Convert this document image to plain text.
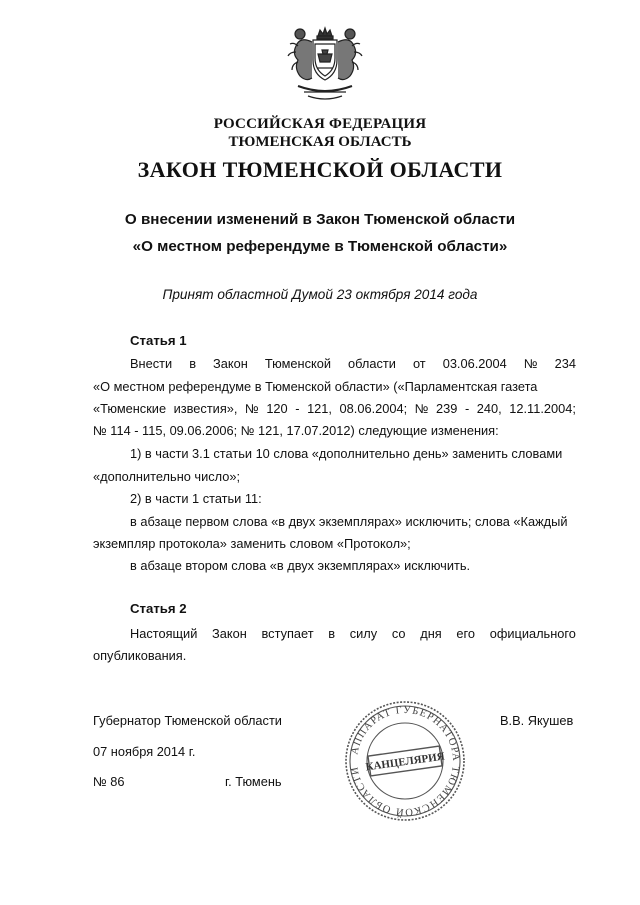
РОССИЙСКАЯ ФЕДЕРАЦИЯ
ТЮМЕНСКАЯ ОБЛАСТЬ
ЗАКОН ТЮМЕНСКОЙ ОБЛАСТИ
О внесении изменений в Закон Тюменской области
«О местном референдуме в Тюменской области»
Принят областной Думой 23 октября 2014 года
Статья 1
Внести в Закон Тюменской области от 03.06.2004 № 234
«О местном референдуме в Тюменской области» («Парламентская газета
«Тюменские известия», № 120 - 121, 08.06.2004; № 239 - 240, 12.11.2004;
№ 114 - 115, 09.06.2006; № 121, 17.07.2012) следующие изменения:
1) в части 3.1 статьи 10 слова «дополнительно день» заменить словами
«дополнительно число»;
2) в части 1 статьи 11:
в абзаце первом слова «в двух экземплярах» исключить; слова «Каждый
экземпляр протокола» заменить словом «Протокол»;
в абзаце втором слова «в двух экземплярах» исключить.
Статья 2
Настоящий Закон вступает в силу со дня его официального
опубликования.
Губернатор Тюменской области	В.В. Якушев
07 ноября 2014 г.
№ 86	г. Тюмень
АППАРАТ ГУБЕРНАТОРА ТЮМЕНСКОЙ ОБЛАСТИ КАНЦЕЛЯРИЯ
